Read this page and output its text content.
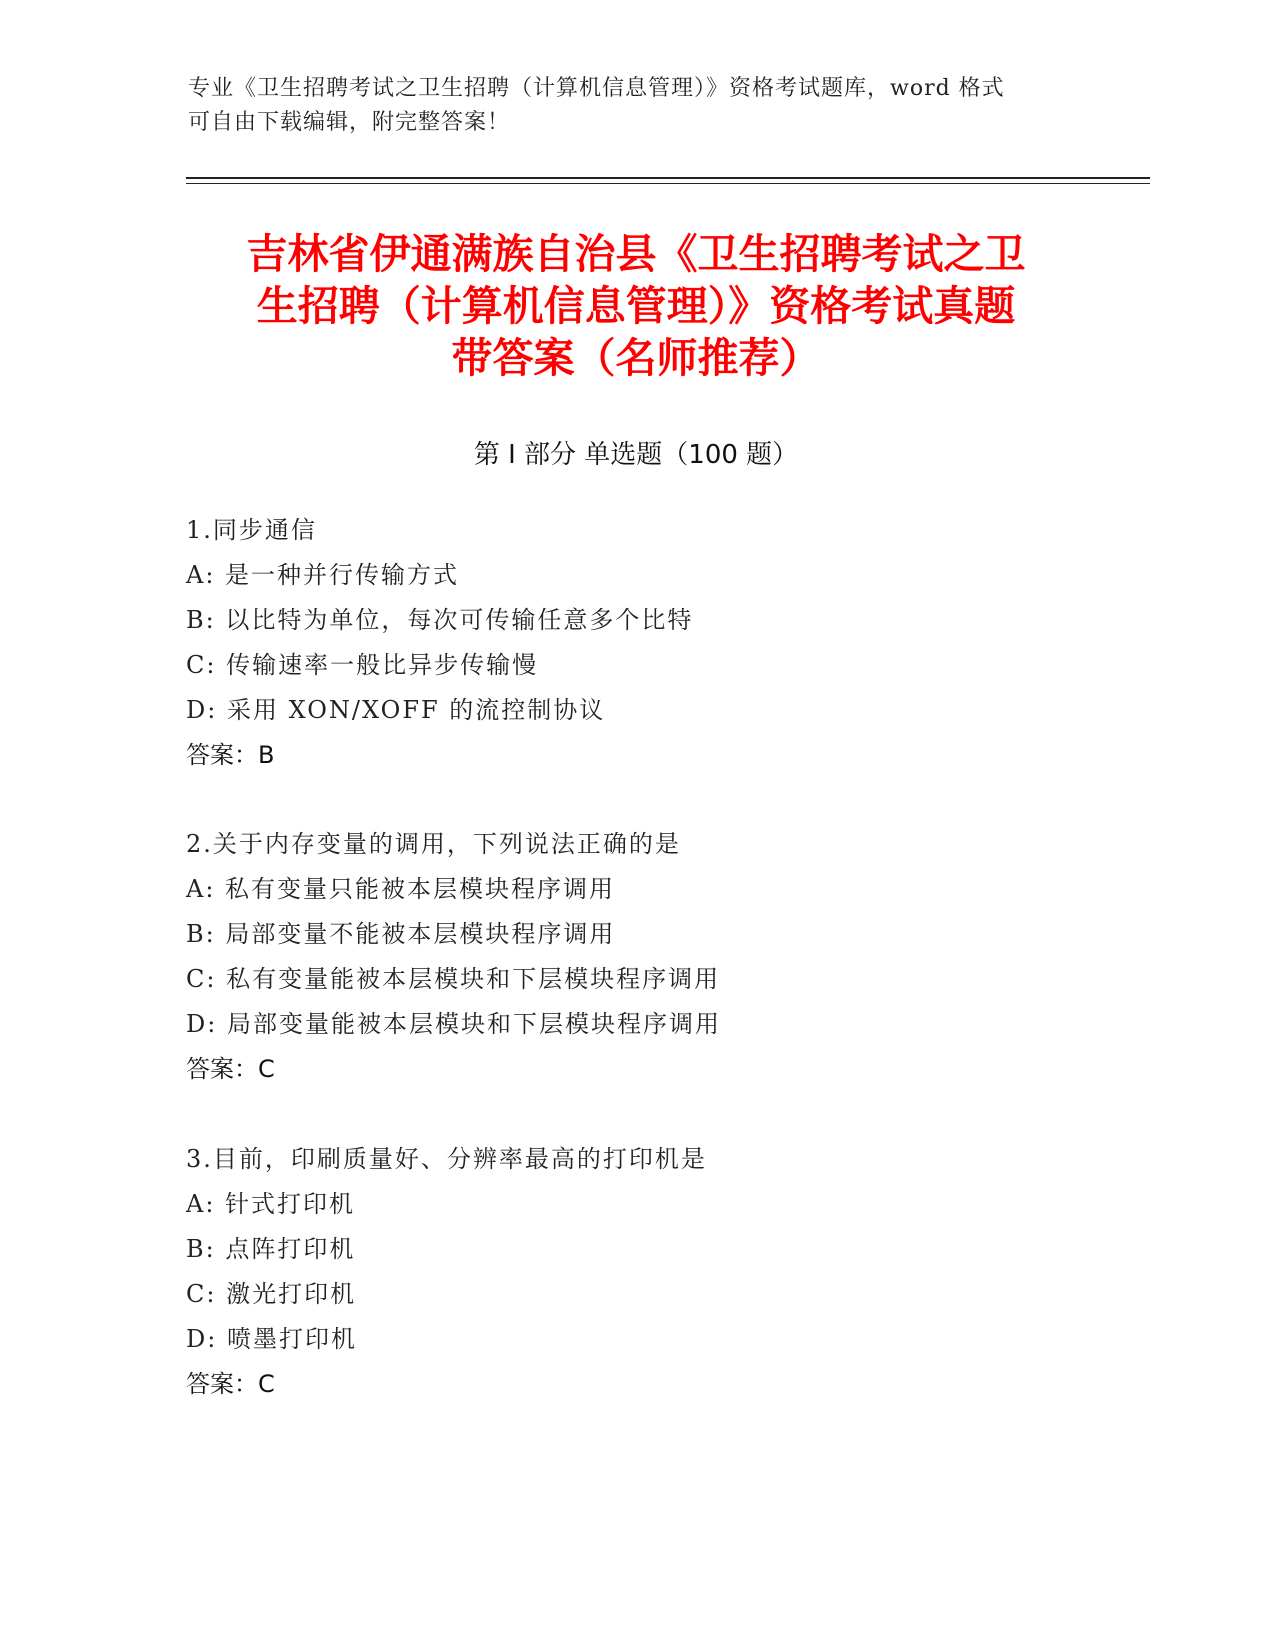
专业《卫生招聘考试之卫生招聘（计算机信息管理）》资格考试题库，word 格式
可自由下载编辑，附完整答案！
吉林省伊通满族自治县《卫生招聘考试之卫
生招聘（计算机信息管理）》资格考试真题
带答案（名师推荐）
第 I 部分 单选题（100 题）
1.同步通信
A: 是一种并行传输方式
B: 以比特为单位，每次可传输任意多个比特
C: 传输速率一般比异步传输慢
D: 采用 XON/XOFF 的流控制协议
答案：B
2.关于内存变量的调用，下列说法正确的是
A: 私有变量只能被本层模块程序调用
B: 局部变量不能被本层模块程序调用
C: 私有变量能被本层模块和下层模块程序调用
D: 局部变量能被本层模块和下层模块程序调用
答案：C
3.目前，印刷质量好、分辨率最高的打印机是
A: 针式打印机
B: 点阵打印机
C: 激光打印机
D: 喷墨打印机
答案：C
